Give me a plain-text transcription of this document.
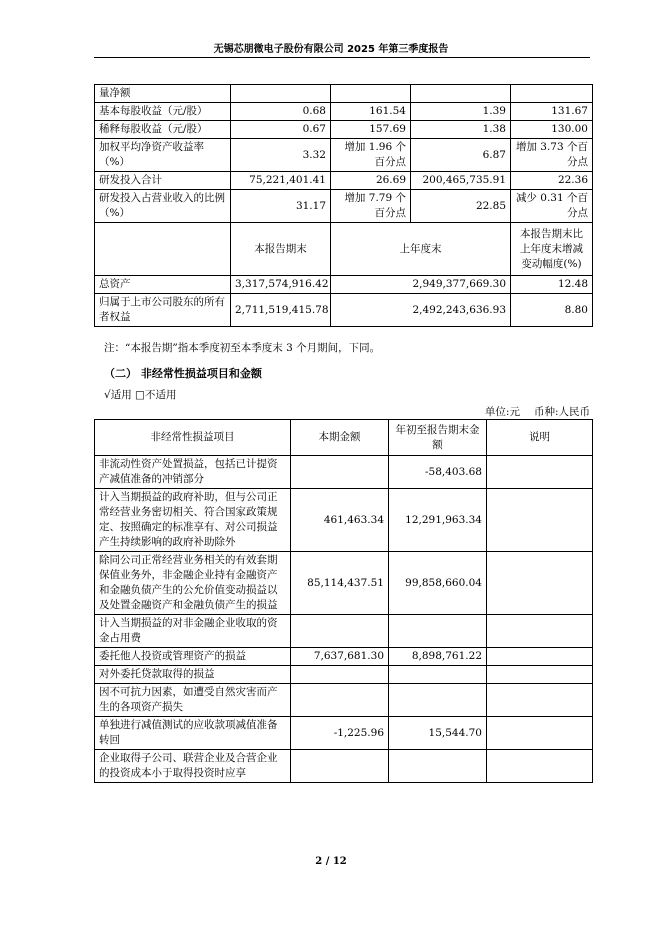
无锡芯朋微电子股份有限公司 2025 年第三季度报告
量净额				
基本每股收益（元/股）	0.68	161.54	1.39	131.67
稀释每股收益（元/股）	0.67	157.69	1.38	130.00
加权平均净资产收益率（%）	3.32	增加 1.96 个百分点	6.87	增加 3.73 个百分点
研发投入合计	75,221,401.41	26.69	200,465,735.91	22.36
研发投入占营业收入的比例（%）	31.17	增加 7.79 个百分点	22.85	减少 0.31 个百分点
	本报告期末	上年度末		本报告期末比上年度末增减变动幅度(%)
总资产	3,317,574,916.42	2,949,377,669.30		12.48
归属于上市公司股东的所有者权益	2,711,519,415.78	2,492,243,636.93		8.80
注：“本报告期”指本季度初至本季度末 3 个月期间，下同。
（二） 非经常性损益项目和金额
√适用 □不适用
单位:元 币种:人民币
非经常性损益项目	本期金额	年初至报告期末金额	说明
非流动性资产处置损益，包括已计提资产减值准备的冲销部分		-58,403.68	
计入当期损益的政府补助，但与公司正常经营业务密切相关、符合国家政策规定、按照确定的标准享有、对公司损益产生持续影响的政府补助除外	461,463.34	12,291,963.34	
除同公司正常经营业务相关的有效套期保值业务外，非金融企业持有金融资产和金融负债产生的公允价值变动损益以及处置金融资产和金融负债产生的损益	85,114,437.51	99,858,660.04	
计入当期损益的对非金融企业收取的资金占用费			
委托他人投资或管理资产的损益	7,637,681.30	8,898,761.22	
对外委托贷款取得的损益			
因不可抗力因素，如遭受自然灾害而产生的各项资产损失			
单独进行减值测试的应收款项减值准备转回	-1,225.96	15,544.70	
企业取得子公司、联营企业及合营企业的投资成本小于取得投资时应享			
2 / 12
